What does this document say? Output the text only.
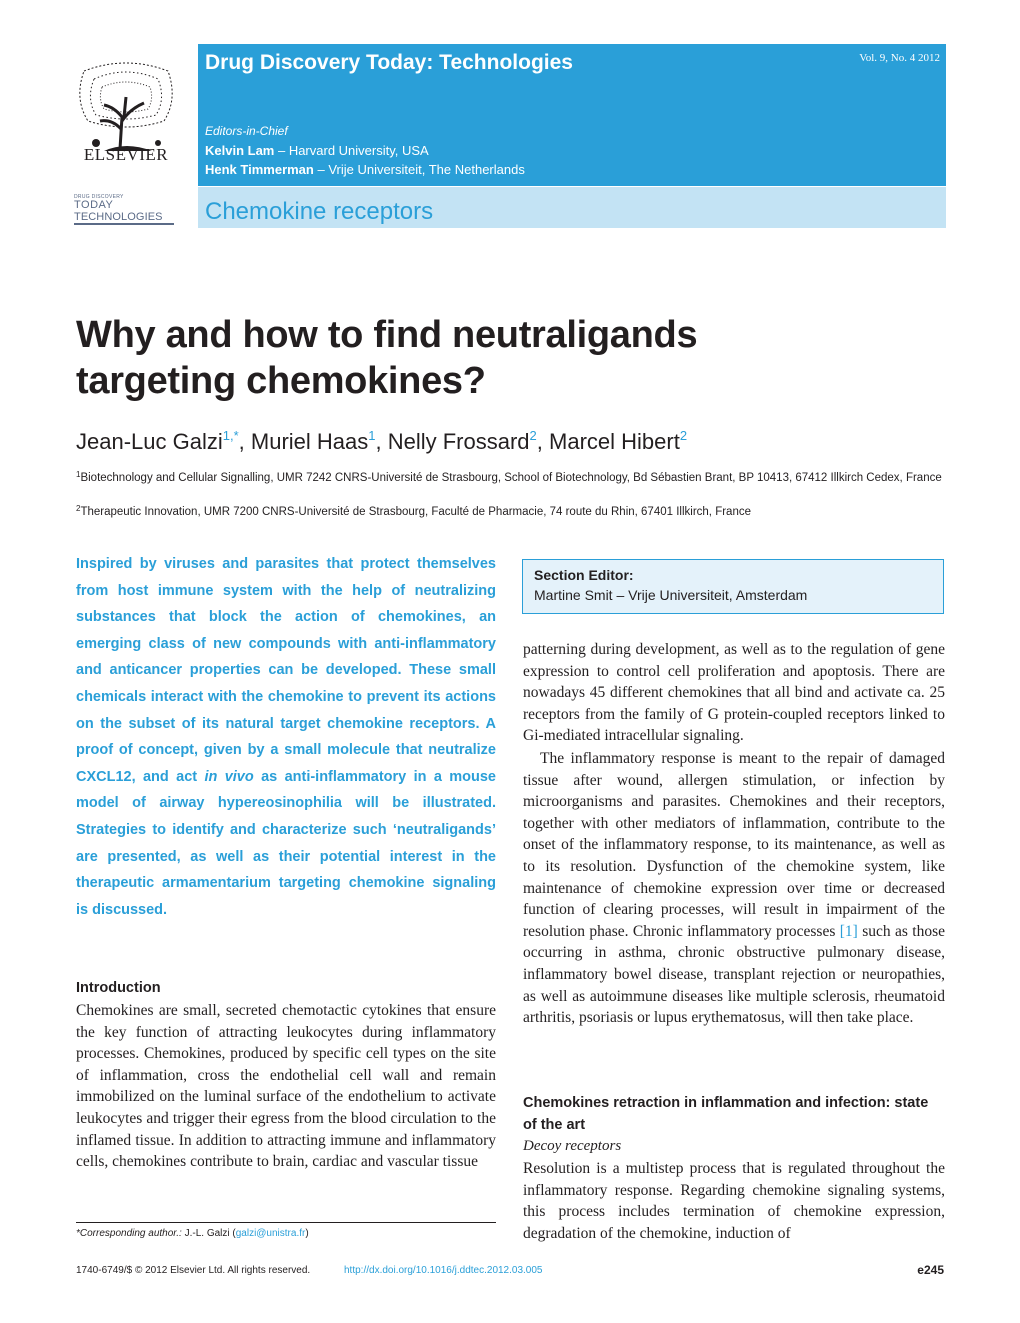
ELSEVIER
DRUG DISCOVERY
TODAY
TECHNOLOGIES
Drug Discovery Today: Technologies	Vol. 9, No. 4 2012
Editors-in-Chief
Kelvin Lam – Harvard University, USA
Henk Timmerman – Vrije Universiteit, The Netherlands
Chemokine receptors
Why and how to find neutraligands
targeting chemokines?
Jean-Luc Galzi$^{1,*}$, Muriel Haas$^1$, Nelly Frossard$^2$, Marcel Hibert$^2$
$^1$Biotechnology and Cellular Signalling, UMR 7242 CNRS-Université de Strasbourg, School of Biotechnology, Bd Sébastien Brant, BP 10413, 67412 Illkirch Cedex, France
$^2$Therapeutic Innovation, UMR 7200 CNRS-Université de Strasbourg, Faculté de Pharmacie, 74 route du Rhin, 67401 Illkirch, France
Inspired by viruses and parasites that protect themselves from host immune system with the help of neutralizing substances that block the action of chemokines, an emerging class of new compounds with anti-inflammatory and anticancer properties can be developed. These small chemicals interact with the chemokine to prevent its actions on the subset of its natural target chemokine receptors. A proof of concept, given by a small molecule that neutralize CXCL12, and act in vivo as anti-inflammatory in a mouse model of airway hypereosinophilia will be illustrated. Strategies to identify and characterize such ‘neutraligands’ are presented, as well as their potential interest in the therapeutic armamentarium targeting chemokine signaling is discussed.
Section Editor:
Martine Smit – Vrije Universiteit, Amsterdam
Introduction

Chemokines are small, secreted chemotactic cytokines that ensure the key function of attracting leukocytes during inflammatory processes. Chemokines, produced by specific cell types on the site of inflammation, cross the endothelial cell wall and remain immobilized on the luminal surface of the endothelium to activate leukocytes and trigger their egress from the blood circulation to the inflamed tissue. In addition to attracting immune and inflammatory cells, chemokines contribute to brain, cardiac and vascular tissue

patterning during development, as well as to the regulation of gene expression to control cell proliferation and apoptosis. There are nowadays 45 different chemokines that all bind and activate ca. 25 receptors from the family of G protein-coupled receptors linked to Gi-mediated intracellular signaling.

The inflammatory response is meant to the repair of damaged tissue after wound, allergen stimulation, or infection by microorganisms and parasites. Chemokines and their receptors, together with other mediators of inflammation, contribute to the onset of the inflammatory response, to its maintenance, as well as to its resolution. Dysfunction of the chemokine system, like maintenance of chemokine expression over time or decreased function of clearing processes, will result in impairment of the resolution phase. Chronic inflammatory processes [1] such as those occurring in asthma, chronic obstructive pulmonary disease, inflammatory bowel disease, transplant rejection or neuropathies, as well as autoimmune diseases like multiple sclerosis, rheumatoid arthritis, psoriasis or lupus erythematosus, will then take place.

Chemokines retraction in inflammation and infection: state of the art
Decoy receptors

Resolution is a multistep process that is regulated throughout the inflammatory response. Regarding chemokine signaling systems, this process includes termination of chemokine expression, degradation of the chemokine, induction of

*Corresponding author.: J.-L. Galzi (galzi@unistra.fr)
1740-6749/$ © 2012 Elsevier Ltd. All rights reserved.	http://dx.doi.org/10.1016/j.ddtec.2012.03.005	e245
